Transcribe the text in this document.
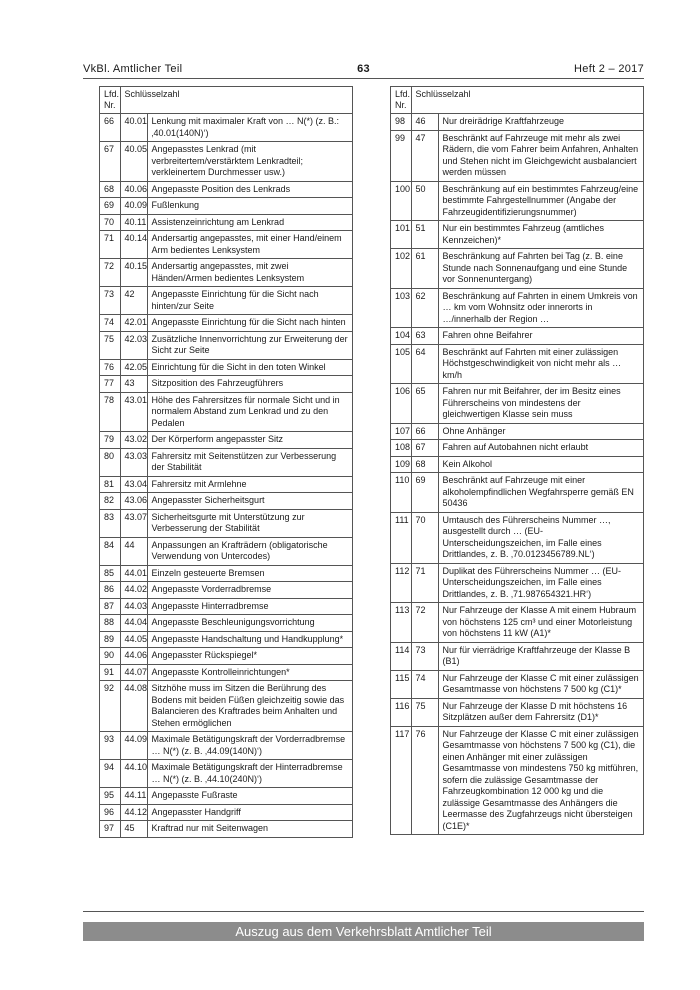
VkBl. Amtlicher Teil	63	Heft 2 – 2017
Lfd. Nr.	Schlüsselzahl	
66	40.01	Lenkung mit maximaler Kraft von … N(*) (z. B.: ‚40.01(140N)‘)
67	40.05	Angepasstes Lenkrad (mit verbreitertem/verstärktem Lenkradteil; verkleinertem Durchmesser usw.)
68	40.06	Angepasste Position des Lenkrads
69	40.09	Fußlenkung
70	40.11	Assistenzeinrichtung am Lenkrad
71	40.14	Andersartig angepasstes, mit einer Hand/einem Arm bedientes Lenksystem
72	40.15	Andersartig angepasstes, mit zwei Händen/Armen bedientes Lenksystem
73	42	Angepasste Einrichtung für die Sicht nach hinten/zur Seite
74	42.01	Angepasste Einrichtung für die Sicht nach hinten
75	42.03	Zusätzliche Innenvorrichtung zur Erweiterung der Sicht zur Seite
76	42.05	Einrichtung für die Sicht in den toten Winkel
77	43	Sitzposition des Fahrzeugführers
78	43.01	Höhe des Fahrersitzes für normale Sicht und in normalem Abstand zum Lenkrad und zu den Pedalen
79	43.02	Der Körperform angepasster Sitz
80	43.03	Fahrersitz mit Seitenstützen zur Verbesserung der Stabilität
81	43.04	Fahrersitz mit Armlehne
82	43.06	Angepasster Sicherheitsgurt
83	43.07	Sicherheitsgurte mit Unterstützung zur Verbesserung der Stabilität
84	44	Anpassungen an Krafträdern (obligatorische Verwendung von Untercodes)
85	44.01	Einzeln gesteuerte Bremsen
86	44.02	Angepasste Vorderradbremse
87	44.03	Angepasste Hinterradbremse
88	44.04	Angepasste Beschleunigungsvorrichtung
89	44.05	Angepasste Handschaltung und Handkupplung*
90	44.06	Angepasster Rückspiegel*
91	44.07	Angepasste Kontrolleinrichtungen*
92	44.08	Sitzhöhe muss im Sitzen die Berührung des Bodens mit beiden Füßen gleichzeitig sowie das Balancieren des Kraftrades beim Anhalten und Stehen ermöglichen
93	44.09	Maximale Betätigungskraft der Vorderradbremse … N(*) (z. B. ‚44.09(140N)‘)
94	44.10	Maximale Betätigungskraft der Hinterradbremse … N(*) (z. B. ‚44.10(240N)‘)
95	44.11	Angepasste Fußraste
96	44.12	Angepasster Handgriff
97	45	Kraftrad nur mit Seitenwagen
Lfd. Nr.	Schlüsselzahl	
98	46	Nur dreirädrige Kraftfahrzeuge
99	47	Beschränkt auf Fahrzeuge mit mehr als zwei Rädern, die vom Fahrer beim Anfahren, Anhalten und Stehen nicht im Gleichgewicht ausbalanciert werden müssen
100	50	Beschränkung auf ein bestimmtes Fahrzeug/eine bestimmte Fahrgestellnummer (Angabe der Fahrzeugidentifizierungsnummer)
101	51	Nur ein bestimmtes Fahrzeug (amtliches Kennzeichen)*
102	61	Beschränkung auf Fahrten bei Tag (z. B. eine Stunde nach Sonnenaufgang und eine Stunde vor Sonnenuntergang)
103	62	Beschränkung auf Fahrten in einem Umkreis von … km vom Wohnsitz oder innerorts in …/innerhalb der Region …
104	63	Fahren ohne Beifahrer
105	64	Beschränkt auf Fahrten mit einer zulässigen Höchstgeschwindigkeit von nicht mehr als … km/h
106	65	Fahren nur mit Beifahrer, der im Besitz eines Führerscheins von mindestens der gleichwertigen Klasse sein muss
107	66	Ohne Anhänger
108	67	Fahren auf Autobahnen nicht erlaubt
109	68	Kein Alkohol
110	69	Beschränkt auf Fahrzeuge mit einer alkoholempfindlichen Wegfahrsperre gemäß EN 50436
111	70	Umtausch des Führerscheins Nummer …, ausgestellt durch … (EU-Unterscheidungszeichen, im Falle eines Drittlandes, z. B. ‚70.0123456789.NL‘)
112	71	Duplikat des Führerscheins Nummer … (EU-Unterscheidungszeichen, im Falle eines Drittlandes, z. B. ‚71.987654321.HR‘)
113	72	Nur Fahrzeuge der Klasse A mit einem Hubraum von höchstens 125 cm³ und einer Motorleistung von höchstens 11 kW (A1)*
114	73	Nur für vierrädrige Kraftfahrzeuge der Klasse B (B1)
115	74	Nur Fahrzeuge der Klasse C mit einer zulässigen Gesamtmasse von höchstens 7 500 kg (C1)*
116	75	Nur Fahrzeuge der Klasse D mit höchstens 16 Sitzplätzen außer dem Fahrersitz (D1)*
117	76	Nur Fahrzeuge der Klasse C mit einer zulässigen Gesamtmasse von höchstens 7 500 kg (C1), die einen Anhänger mit einer zulässigen Gesamtmasse von mindestens 750 kg mitführen, sofern die zulässige Gesamtmasse der Fahrzeugkombination 12 000 kg und die zulässige Gesamtmasse des Anhängers die Leermasse des Zugfahrzeugs nicht übersteigen (C1E)*
Auszug aus dem Verkehrsblatt Amtlicher Teil
